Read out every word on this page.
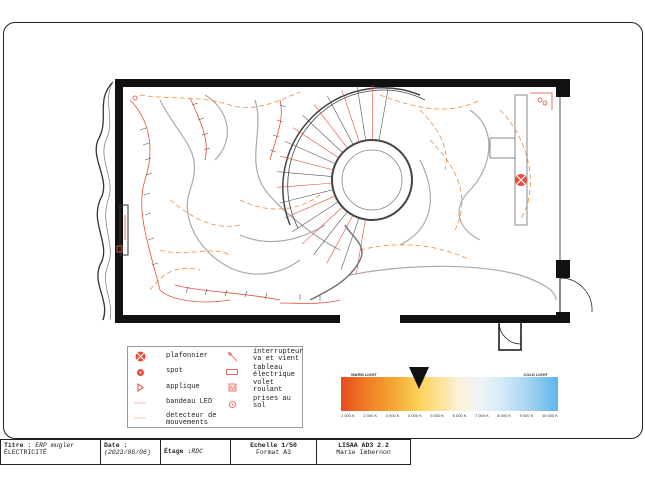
plafonnier
spot
applique
bandeau LED
detecteur de
mouvements
interrupteur
va et vient
tableau
électrique
M
volet
roulant
prises au
sol
WARM LIGHT	COLD LIGHT
1 000 K 2 000 K 3 000 K 4 000 K 5 000 K 6 000 K 7 000 K 8 000 K 9 000 K 10 000 K
Titre : ERP mugler
ÉLECTRICITÉ
Date :
(2023/06/06)	Étage :RDC
Echelle 1/50
Format A3
LISAA AD3 2.2
Marie Imbernon
